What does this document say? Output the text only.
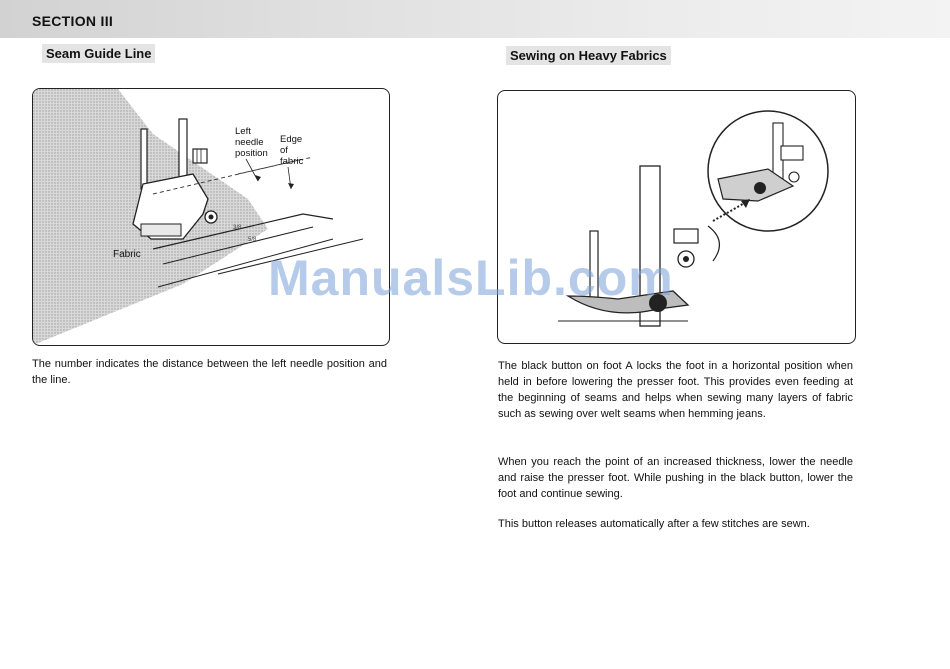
SECTION III
Seam Guide Line	Sewing on Heavy Fabrics
3/8
5/8
Left
needle
position
Edge
of
fabric
Fabric

The number indicates the distance between the left needle position and the line.

The black button on foot A locks the foot in a horizontal position when held in before lowering the presser foot. This provides even feeding at the beginning of seams and helps when sewing many layers of fabric such as sewing over welt seams when hemming jeans.

When you reach the point of an increased thickness, lower the needle and raise the presser foot. While pushing in the black button, lower the foot and continue sewing.

This button releases automatically after a few stitches are sewn.

ManualsLib.com
